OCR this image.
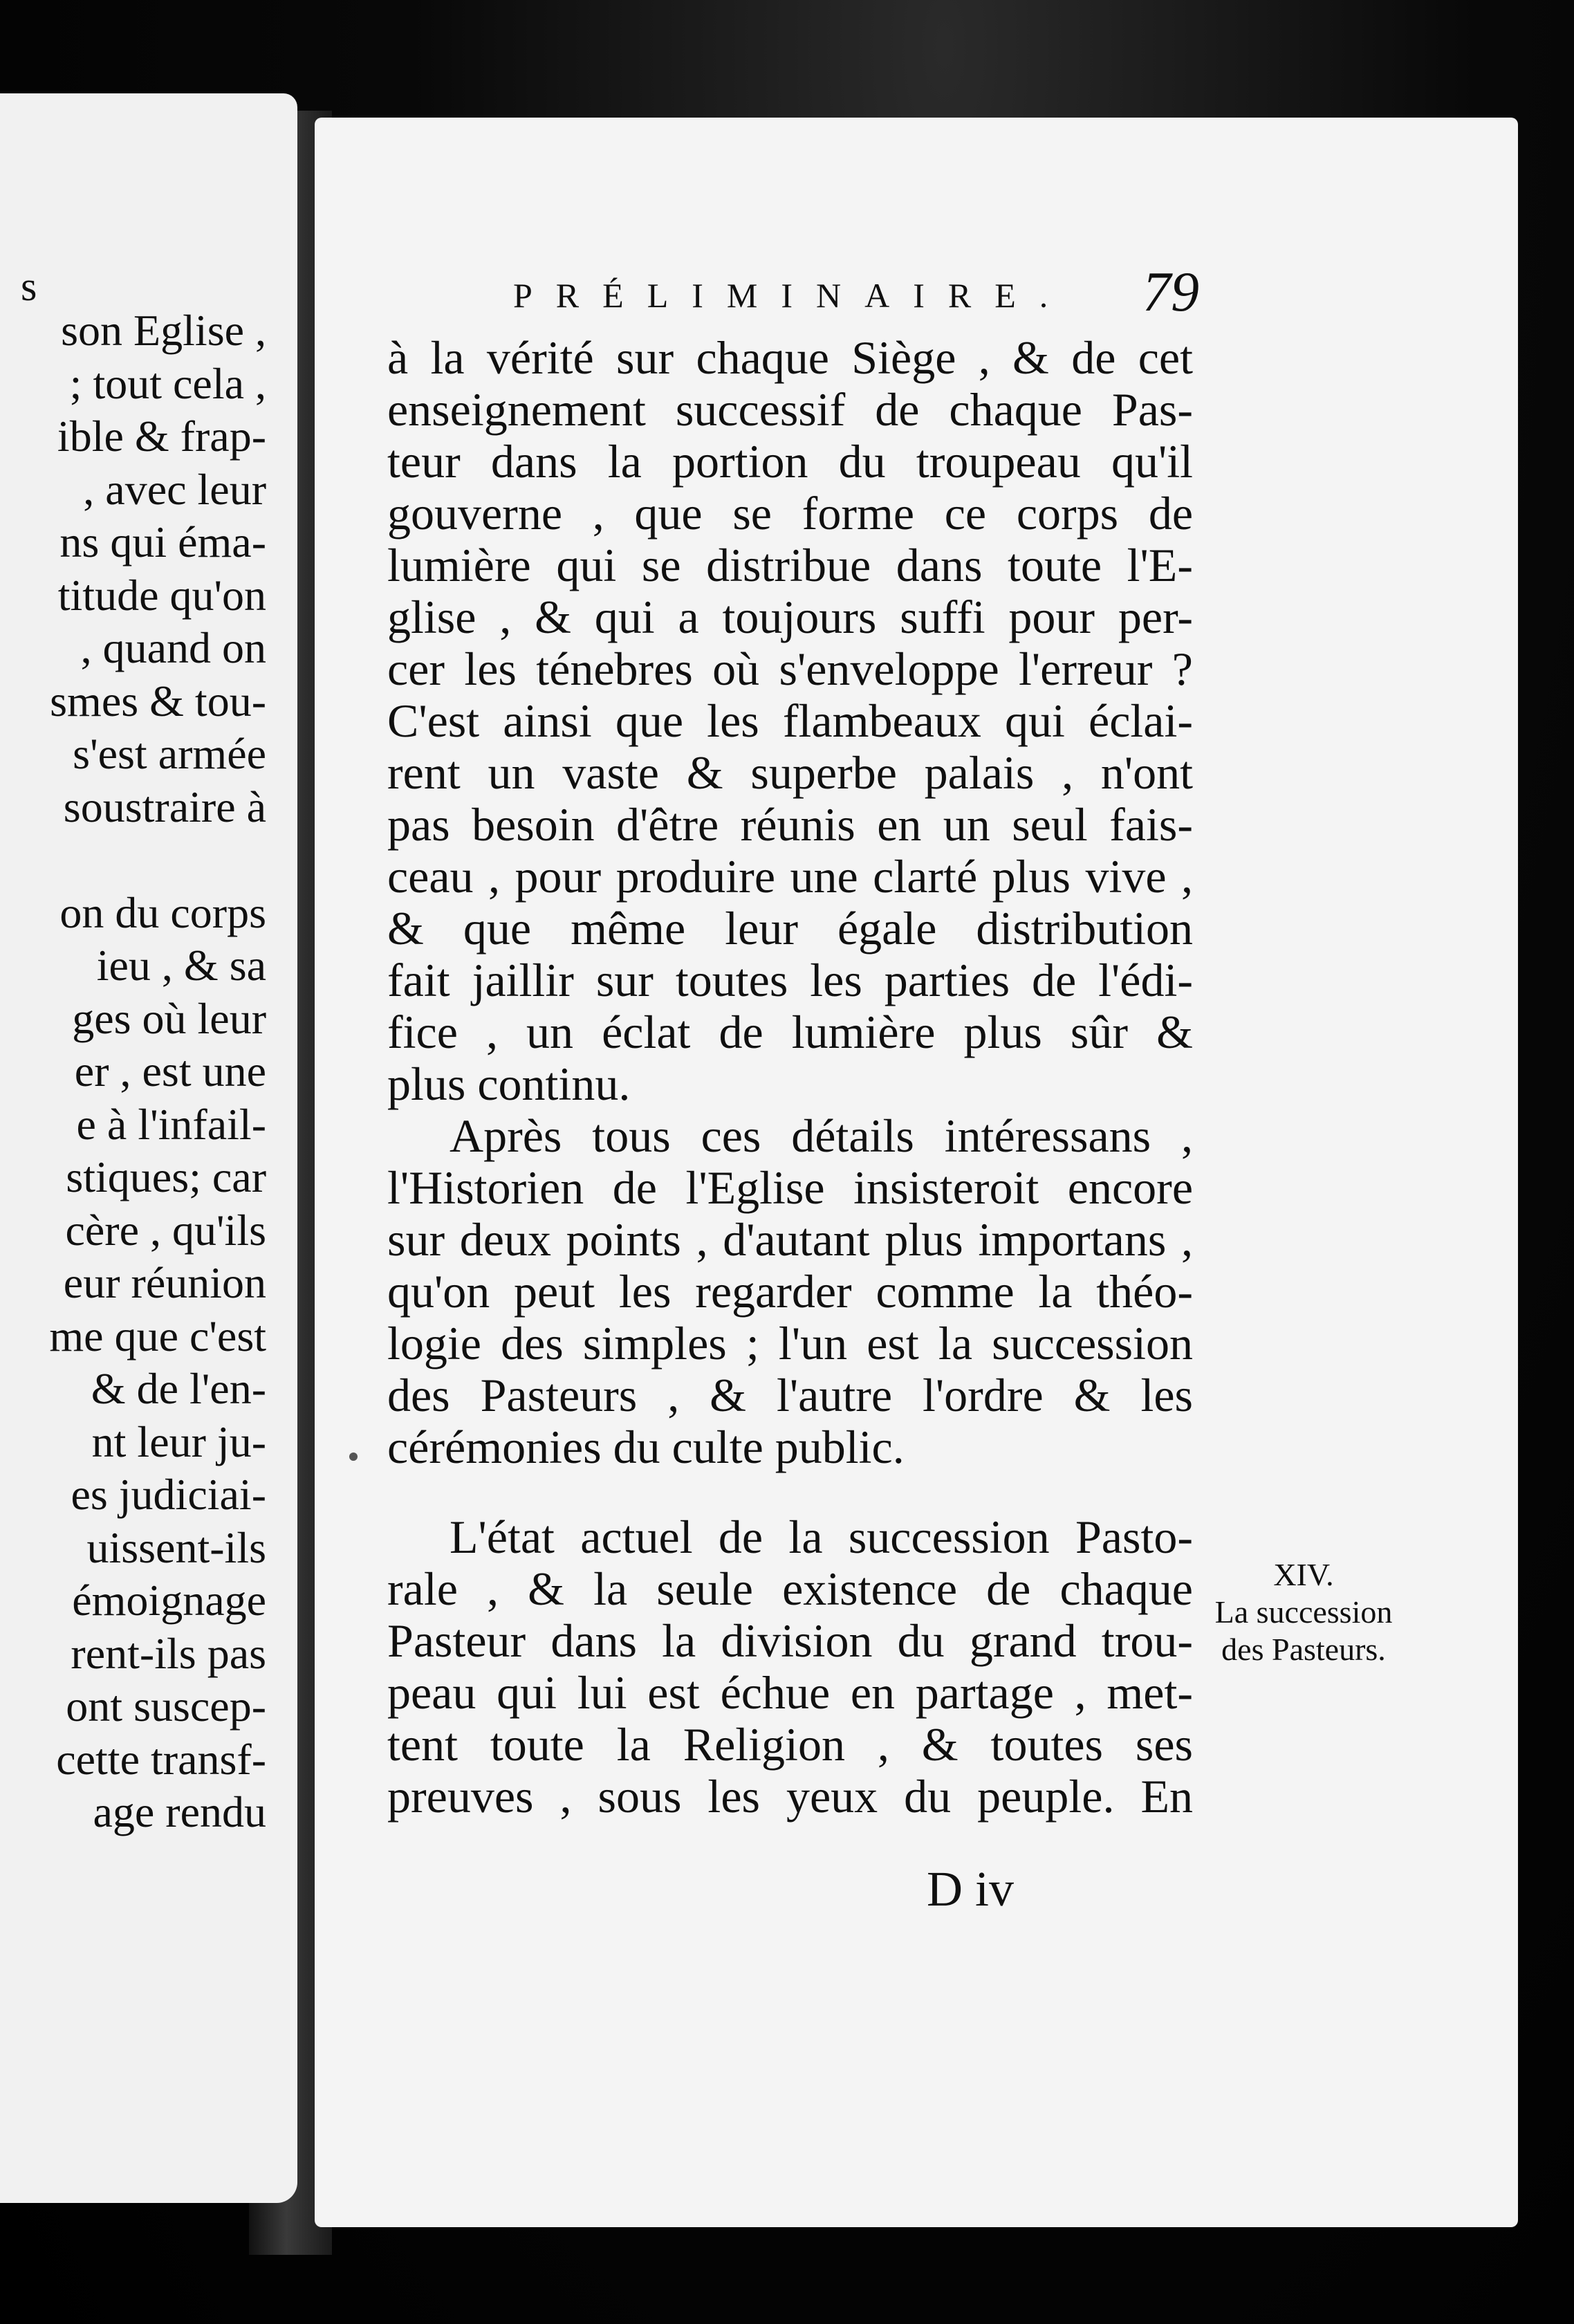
s
son Eglise ,
; tout cela ,
ible & frap-
, avec leur
ns qui éma-
titude qu'on
, quand on
smes & tou-
s'est armée
soustraire à
on du corps
ieu , & sa
ges où leur
er , est une
e à l'infail-
stiques; car
cère , qu'ils
eur réunion
me que c'est
& de l'en-
nt leur ju-
es judiciai-
uissent-ils
émoignage
rent-ils pas
ont suscep-
cette transf-
age rendu
PRÉLIMINAIRE. 79
à la vérité sur chaque Siège , & de cet
enseignement successif de chaque Pas-
teur dans la portion du troupeau qu'il
gouverne , que se forme ce corps de
lumière qui se distribue dans toute l'E-
glise , & qui a toujours suffi pour per-
cer les ténebres où s'enveloppe l'erreur ?
C'est ainsi que les flambeaux qui éclai-
rent un vaste & superbe palais , n'ont
pas besoin d'être réunis en un seul fais-
ceau , pour produire une clarté plus vive ,
& que même leur égale distribution
fait jaillir sur toutes les parties de l'édi-
fice , un éclat de lumière plus sûr &
plus continu.
Après tous ces détails intéressans ,
l'Historien de l'Eglise insisteroit encore
sur deux points , d'autant plus importans ,
qu'on peut les regarder comme la théo-
logie des simples ; l'un est la succession
des Pasteurs , & l'autre l'ordre & les
cérémonies du culte public.
L'état actuel de la succession Pasto-
rale , & la seule existence de chaque
Pasteur dans la division du grand trou-
peau qui lui est échue en partage , met-
tent toute la Religion , & toutes ses
preuves , sous les yeux du peuple. En
XIV.
La succession
des Pasteurs.
D iv
